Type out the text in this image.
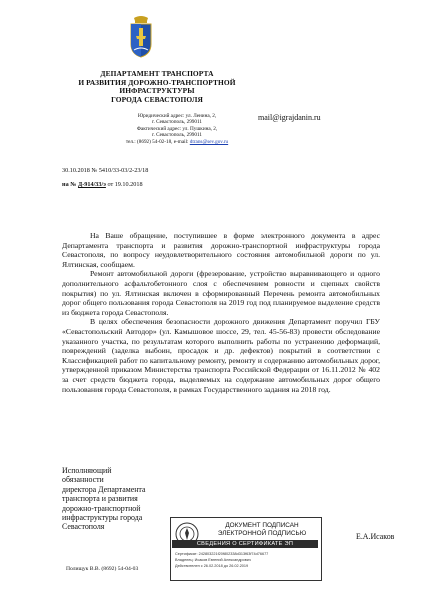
ДЕПАРТАМЕНТ ТРАНСПОРТА
И РАЗВИТИЯ ДОРОЖНО-ТРАНСПОРТНОЙ
ИНФРАСТРУКТУРЫ
ГОРОДА СЕВАСТОПОЛЯ
Юридический адрес: ул. Ленина, 2,
г. Севастополь, 299011
Фактический адрес: ул. Пушкина, 2,
г. Севастополь, 299011
тел.: (8692) 54-02-18, e-mail: dtrans@sev.gov.ru
mail@igrajdanin.ru
30.10.2018 № 5410/33-03/2-23/18
на № Д-914/33/э от 19.10.2018

На Ваше обращение, поступившее в форме электронного документа в адрес Департамента транспорта и развития дорожно-транспортной инфраструктуры города Севастополя, по вопросу неудовлетворительного состояния автомобильной дороги по ул. Ялтинская, сообщаем.

Ремонт автомобильной дороги (фрезерование, устройство выравнивающего и одного дополнительного асфальтобетонного слоя с обеспечением ровности и сцепных свойств покрытия) по ул. Ялтинская включен в сформированный Перечень ремонта автомобильных дорог общего пользования города Севастополя на 2019 год под планируемое выделение средств из бюджета города Севастополя.

В целях обеспечения безопасности дорожного движения Департамент поручил ГБУ «Севастопольский Автодор» (ул. Камышовое шоссе, 29, тел. 45-56-83) провести обследование указанного участка, по результатам которого выполнить работы по устранению деформаций, повреждений (заделка выбоин, просадок и др. дефектов) покрытий в соответствии с Классификацией работ по капитальному ремонту, ремонту и содержанию автомобильных дорог, утвержденной приказом Министерства транспорта Российской Федерации от 16.11.2012 № 402 за счет средств бюджета города, выделяемых на содержание автомобильных дорог общего пользования города Севастополя, в рамках Государственного задания на 2018 год.

Исполняющий
обязанности
директора Департамента
транспорта и развития
дорожно-транспортной
инфраструктуры города
Севастополя	ДОКУМЕНТ ПОДПИСАН
ЭЛЕКТРОННОЙ ПОДПИСЬЮ
СВЕДЕНИЯ О СЕРТИФИКАТЕ ЭП
Сертификат: 242803221f20f802338d313f63f74d76677
Владелец: Исаков Евгений Александрович
Действителен с 26.02.2018 до 26.02.2019
Е.А.Исаков
Полищук В.В. (8692) 54-04-03
